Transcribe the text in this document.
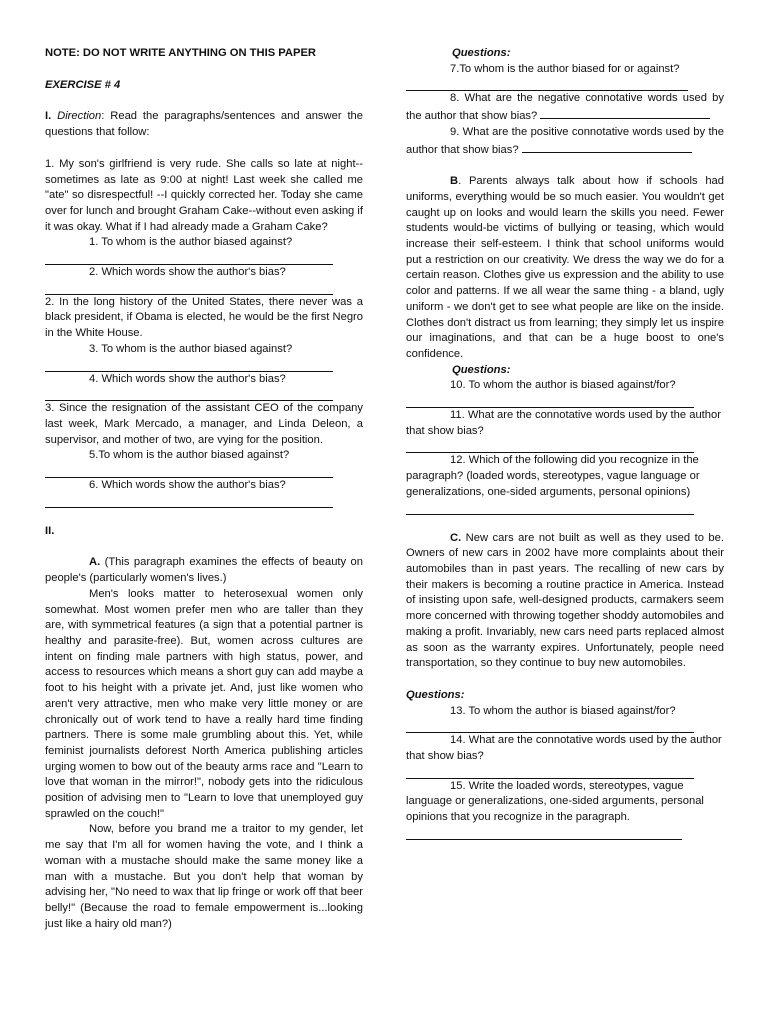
NOTE: DO NOT WRITE ANYTHING ON THIS PAPER

EXERCISE # 4

I. Direction: Read the paragraphs/sentences and answer the questions that follow:

1. My son's girlfriend is very rude. She calls so late at night--sometimes as late as 9:00 at night! Last week she called me "ate" so disrespectful! --I quickly corrected her. Today she came over for lunch and brought Graham Cake--without even asking if it was okay. What if I had already made a Graham Cake?

1. To whom is the author biased against?

2. Which words show the author's bias?

2. In the long history of the United States, there never was a black president, if Obama is elected, he would be the first Negro in the White House.

3. To whom is the author biased against?

4. Which words show the author's bias?

3. Since the resignation of the assistant CEO of the company last week, Mark Mercado, a manager, and Linda Deleon, a supervisor, and mother of two, are vying for the position.

5.To whom is the author biased against?

6. Which words show the author's bias?

II.

A. (This paragraph examines the effects of beauty on people's (particularly women's lives.)

Men's looks matter to heterosexual women only somewhat. Most women prefer men who are taller than they are, with symmetrical features (a sign that a potential partner is healthy and parasite-free). But, women across cultures are intent on finding male partners with high status, power, and access to resources which means a short guy can add maybe a foot to his height with a private jet. And, just like women who aren't very attractive, men who make very little money or are chronically out of work tend to have a really hard time finding partners. There is some male grumbling about this. Yet, while feminist journalists deforest North America publishing articles urging women to bow out of the beauty arms race and "Learn to love that woman in the mirror!", nobody gets into the ridiculous position of advising men to "Learn to love that unemployed guy sprawled on the couch!"

Now, before you brand me a traitor to my gender, let me say that I'm all for women having the vote, and I think a woman with a mustache should make the same money like a man with a mustache. But you don't help that woman by advising her, "No need to wax that lip fringe or work off that beer belly!" (Because the road to female empowerment is...looking just like a hairy old man?)

Questions:

7.To whom is the author biased for or against?

8. What are the negative connotative words used by the author that show bias?

9. What are the positive connotative words used by the author that show bias?

B. Parents always talk about how if schools had uniforms, everything would be so much easier. You wouldn't get caught up on looks and would learn the skills you need. Fewer students would-be victims of bullying or teasing, which would increase their self-esteem. I think that school uniforms would put a restriction on our creativity. We dress the way we do for a certain reason. Clothes give us expression and the ability to use color and patterns. If we all wear the same thing - a bland, ugly uniform - we don't get to see what people are like on the inside. Clothes don't distract us from learning; they simply let us inspire our imaginations, and that can be a huge boost to one's confidence.

Questions:

10. To whom the author is biased against/for?

11. What are the connotative words used by the author that show bias?

12. Which of the following did you recognize in the paragraph? (loaded words, stereotypes, vague language or generalizations, one-sided arguments, personal opinions)

C. New cars are not built as well as they used to be. Owners of new cars in 2002 have more complaints about their automobiles than in past years. The recalling of new cars by their makers is becoming a routine practice in America. Instead of insisting upon safe, well-designed products, carmakers seem more concerned with throwing together shoddy automobiles and making a profit. Invariably, new cars need parts replaced almost as soon as the warranty expires. Unfortunately, people need transportation, so they continue to buy new automobiles.

Questions:

13. To whom the author is biased against/for?

14. What are the connotative words used by the author that show bias?

15. Write the loaded words, stereotypes, vague language or generalizations, one-sided arguments, personal opinions that you recognize in the paragraph.
